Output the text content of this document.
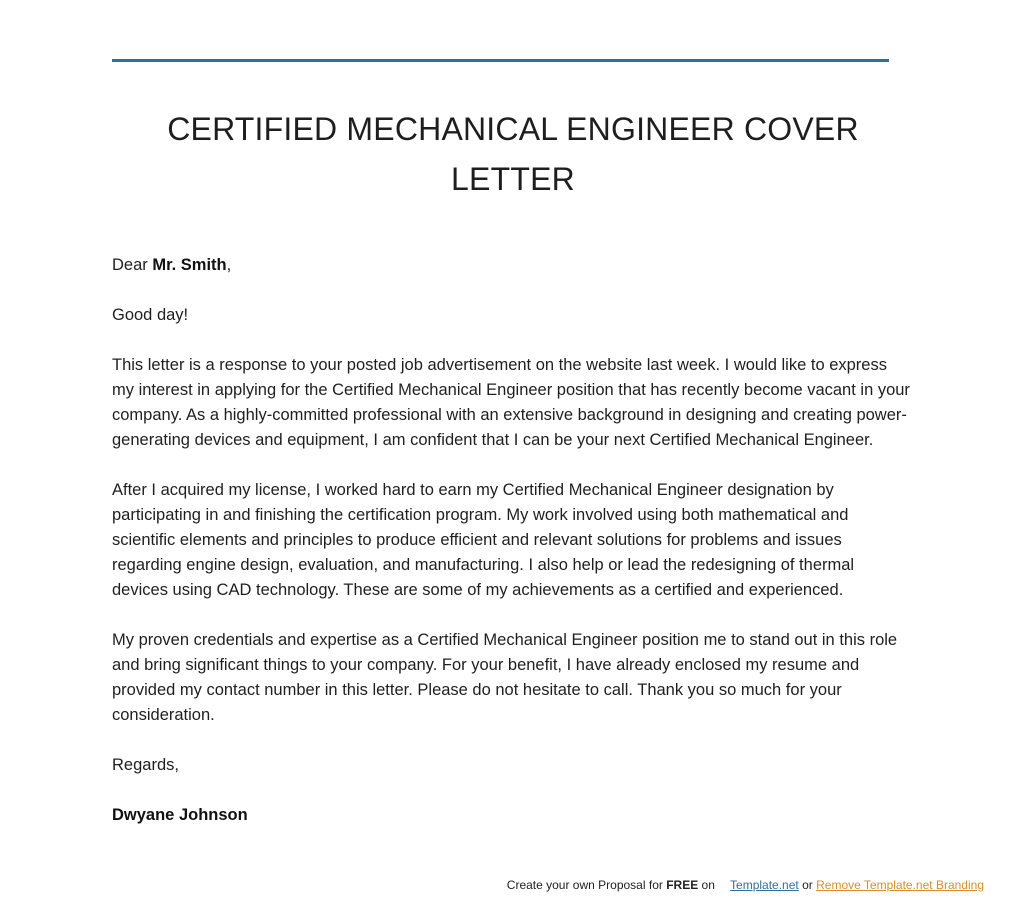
CERTIFIED MECHANICAL ENGINEER COVER LETTER

Dear Mr. Smith,

Good day!

This letter is a response to your posted job advertisement on the website last week. I would like to express my interest in applying for the Certified Mechanical Engineer position that has recently become vacant in your company. As a highly-committed professional with an extensive background in designing and creating power-generating devices and equipment, I am confident that I can be your next Certified Mechanical Engineer.

After I acquired my license, I worked hard to earn my Certified Mechanical Engineer designation by participating in and finishing the certification program. My work involved using both mathematical and scientific elements and principles to produce efficient and relevant solutions for problems and issues regarding engine design, evaluation, and manufacturing. I also help or lead the redesigning of thermal devices using CAD technology. These are some of my achievements as a certified and experienced.

My proven credentials and expertise as a Certified Mechanical Engineer position me to stand out in this role and bring significant things to your company. For your benefit, I have already enclosed my resume and provided my contact number in this letter. Please do not hesitate to call. Thank you so much for your consideration.

Regards,

Dwyane Johnson

Create your own Proposal for FREE on Template.net or Remove Template.net Branding
